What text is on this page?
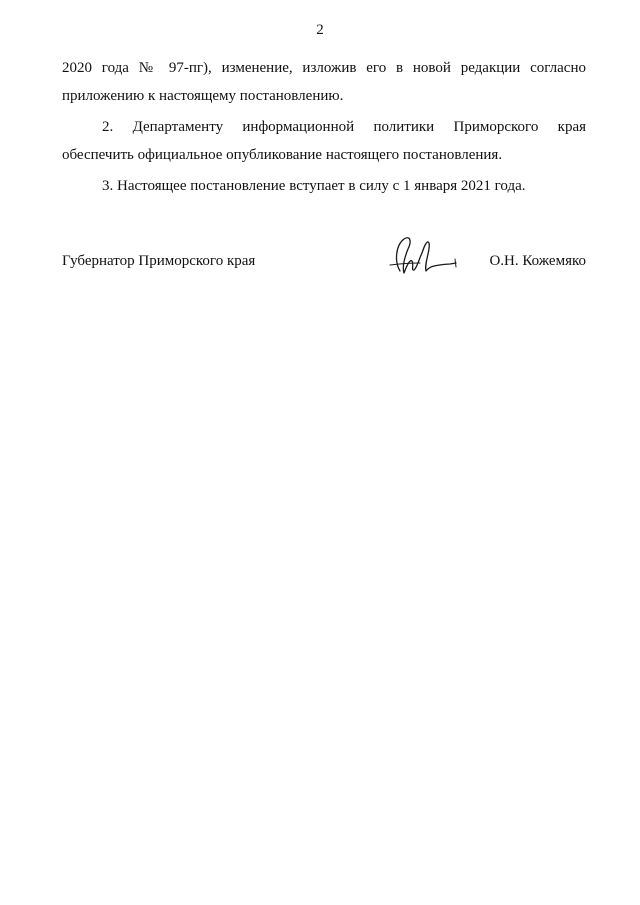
2

2020 года № 97-пг), изменение, изложив его в новой редакции согласно

приложению к настоящему постановлению.

2. Департаменту информационной политики Приморского края

обеспечить официальное опубликование настоящего постановления.

3. Настоящее постановление вступает в силу с 1 января 2021 года.

Губернатор Приморского края	О.Н. Кожемяко
